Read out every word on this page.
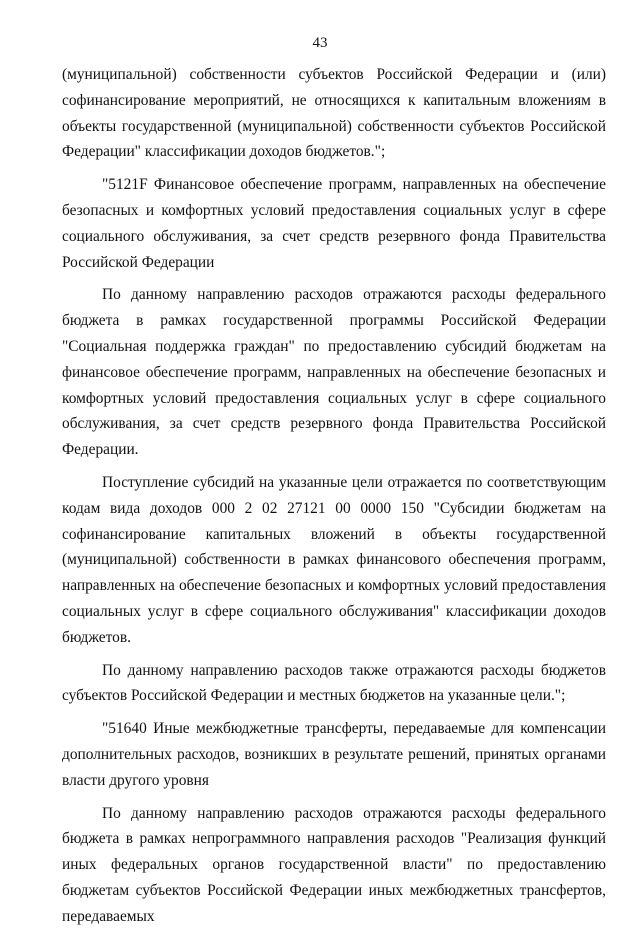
43

(муниципальной) собственности субъектов Российской Федерации и (или) софинансирование мероприятий, не относящихся к капитальным вложениям в объекты государственной (муниципальной) собственности субъектов Российской Федерации" классификации доходов бюджетов.";

"5121F Финансовое обеспечение программ, направленных на обеспечение безопасных и комфортных условий предоставления социальных услуг в сфере социального обслуживания, за счет средств резервного фонда Правительства Российской Федерации

По данному направлению расходов отражаются расходы федерального бюджета в рамках государственной программы Российской Федерации "Социальная поддержка граждан" по предоставлению субсидий бюджетам на финансовое обеспечение программ, направленных на обеспечение безопасных и комфортных условий предоставления социальных услуг в сфере социального обслуживания, за счет средств резервного фонда Правительства Российской Федерации.

Поступление субсидий на указанные цели отражается по соответствующим кодам вида доходов 000 2 02 27121 00 0000 150 "Субсидии бюджетам на софинансирование капитальных вложений в объекты государственной (муниципальной) собственности в рамках финансового обеспечения программ, направленных на обеспечение безопасных и комфортных условий предоставления социальных услуг в сфере социального обслуживания" классификации доходов бюджетов.

По данному направлению расходов также отражаются расходы бюджетов субъектов Российской Федерации и местных бюджетов на указанные цели.";

"51640 Иные межбюджетные трансферты, передаваемые для компенсации дополнительных расходов, возникших в результате решений, принятых органами власти другого уровня

По данному направлению расходов отражаются расходы федерального бюджета в рамках непрограммного направления расходов "Реализация функций иных федеральных органов государственной власти" по предоставлению бюджетам субъектов Российской Федерации иных межбюджетных трансфертов, передаваемых
